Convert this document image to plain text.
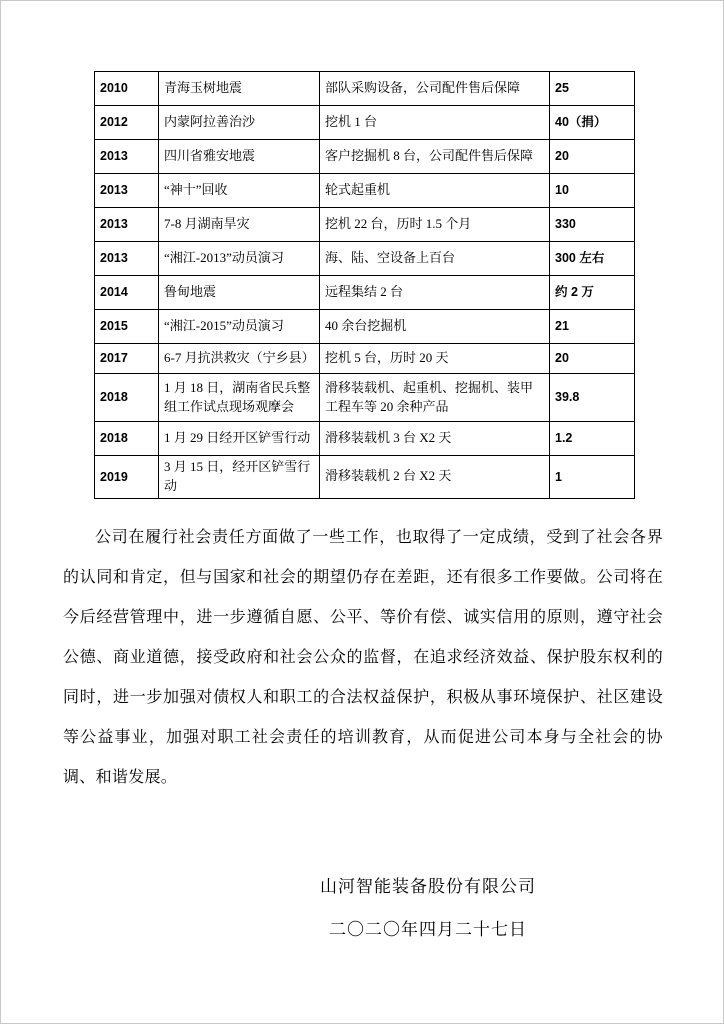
2010	青海玉树地震	部队采购设备，公司配件售后保障	25
2012	内蒙阿拉善治沙	挖机 1 台	40（捐）
2013	四川省雅安地震	客户挖掘机 8 台，公司配件售后保障	20
2013	“神十”回收	轮式起重机	10
2013	7-8 月湖南旱灾	挖机 22 台，历时 1.5 个月	330
2013	“湘江-2013”动员演习	海、陆、空设备上百台	300 左右
2014	鲁甸地震	远程集结 2 台	约 2 万
2015	“湘江-2015”动员演习	40 余台挖掘机	21
2017	6-7 月抗洪救灾（宁乡县）	挖机 5 台，历时 20 天	20
2018	1 月 18 日，湖南省民兵整组工作试点现场观摩会	滑移装载机、起重机、挖掘机、装甲工程车等 20 余种产品	39.8
2018	1 月 29 日经开区铲雪行动	滑移装载机 3 台 X2 天	1.2
2019	3 月 15 日，经开区铲雪行动	滑移装载机 2 台 X2 天	1
公司在履行社会责任方面做了一些工作，也取得了一定成绩，受到了社会各界的认同和肯定，但与国家和社会的期望仍存在差距，还有很多工作要做。公司将在今后经营管理中，进一步遵循自愿、公平、等价有偿、诚实信用的原则，遵守社会公德、商业道德，接受政府和社会公众的监督，在追求经济效益、保护股东权利的同时，进一步加强对债权人和职工的合法权益保护，积极从事环境保护、社区建设等公益事业，加强对职工社会责任的培训教育，从而促进公司本身与全社会的协调、和谐发展。
山河智能装备股份有限公司
二〇二〇年四月二十七日
